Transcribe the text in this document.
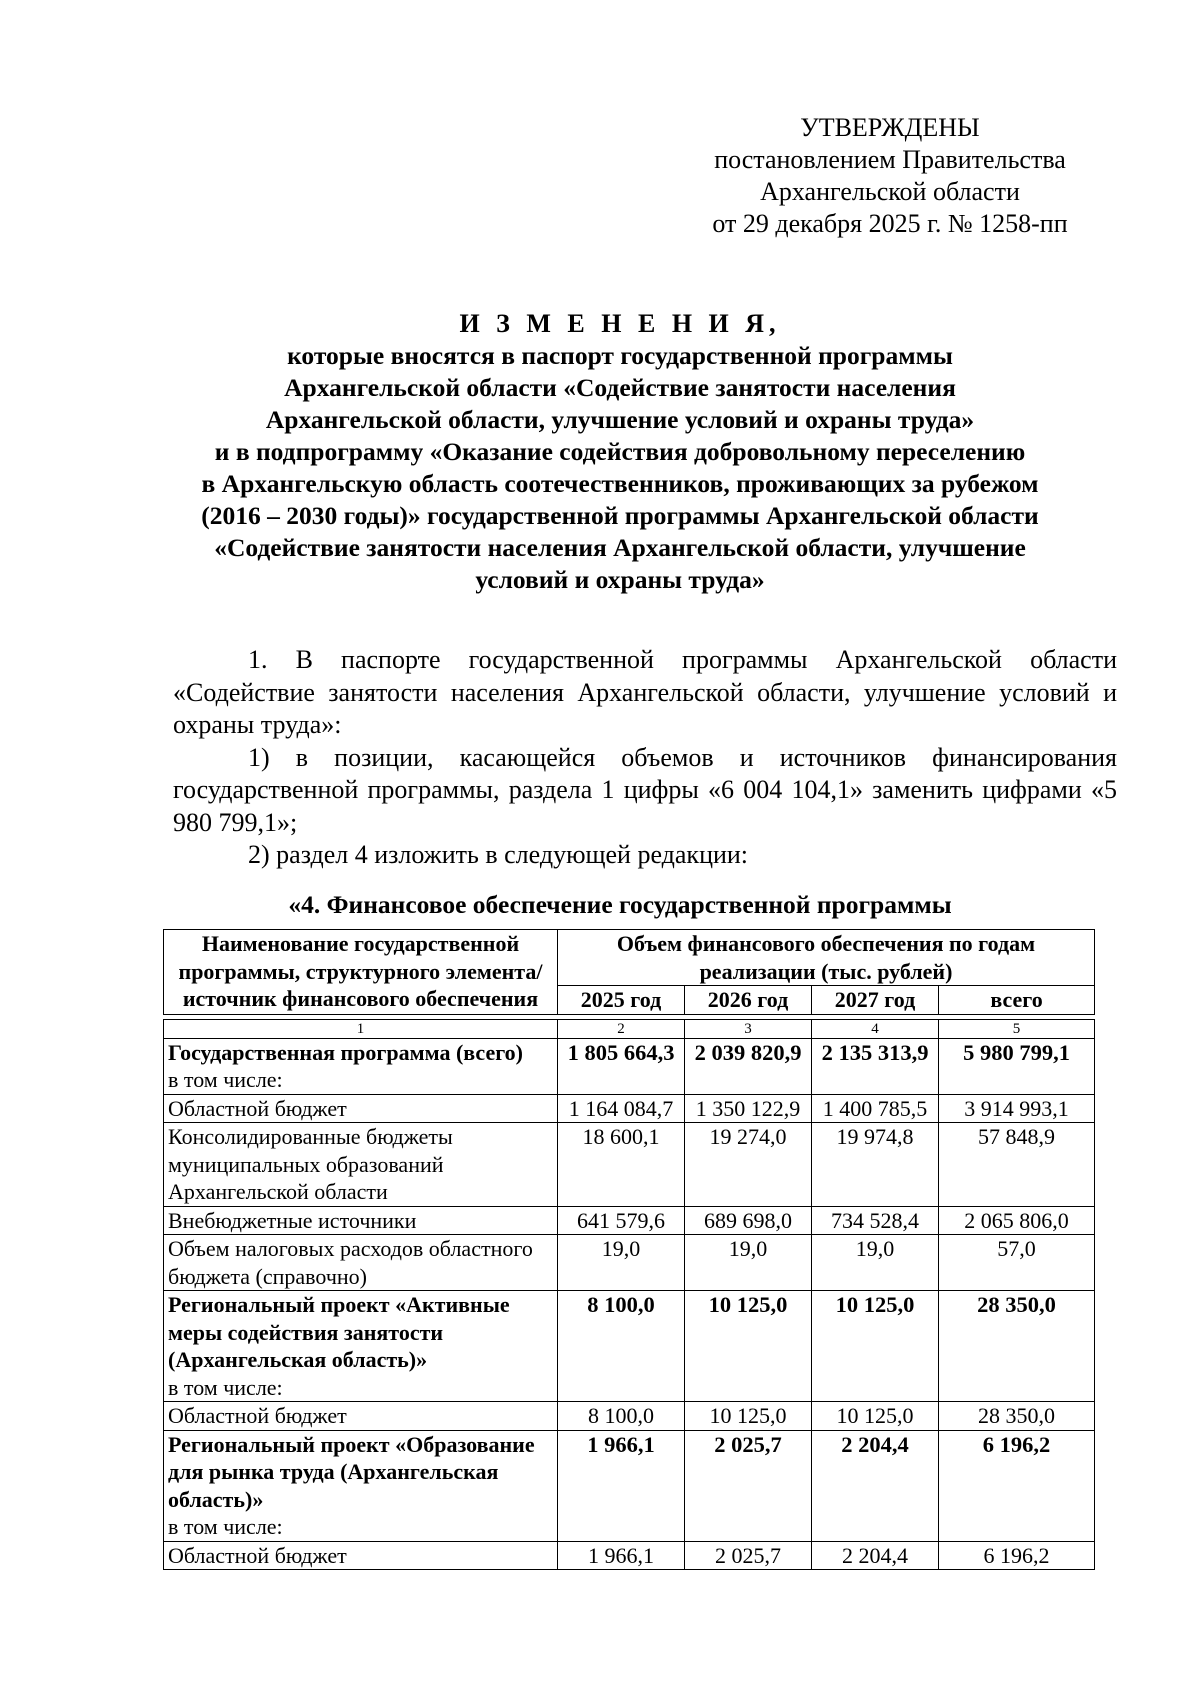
УТВЕРЖДЕНЫ
постановлением Правительства
Архангельской области
от 29 декабря 2025 г. № 1258-пп
И З М Е Н Е Н И Я,
которые вносятся в паспорт государственной программы
Архангельской области «Содействие занятости населения
Архангельской области, улучшение условий и охраны труда»
и в подпрограмму «Оказание содействия добровольному переселению
в Архангельскую область соотечественников, проживающих за рубежом
(2016 – 2030 годы)» государственной программы Архангельской области
«Содействие занятости населения Архангельской области, улучшение
условий и охраны труда»

1. В паспорте государственной программы Архангельской области «Содействие занятости населения Архангельской области, улучшение условий и охраны труда»:

1) в позиции, касающейся объемов и источников финансирования государственной программы, раздела 1 цифры «6 004 104,1» заменить цифрами «5 980 799,1»;

2) раздел 4 изложить в следующей редакции:

«4. Финансовое обеспечение государственной программы
Наименование государственной программы, структурного элемента/ источник финансового обеспечения	Объем финансового обеспечения по годам реализации (тыс. рублей)			
	2025 год	2026 год	2027 год	всего

1	2	3	4	5
Государственная программа (всего)
в том числе:	1 805 664,3	2 039 820,9	2 135 313,9	5 980 799,1
Областной бюджет	1 164 084,7	1 350 122,9	1 400 785,5	3 914 993,1
Консолидированные бюджеты муниципальных образований Архангельской области	18 600,1	19 274,0	19 974,8	57 848,9
Внебюджетные источники	641 579,6	689 698,0	734 528,4	2 065 806,0
Объем налоговых расходов областного бюджета (справочно)	19,0	19,0	19,0	57,0
Региональный проект «Активные меры содействия занятости (Архангельская область)»
в том числе:	8 100,0	10 125,0	10 125,0	28 350,0
Областной бюджет	8 100,0	10 125,0	10 125,0	28 350,0
Региональный проект «Образование для рынка труда (Архангельская область)»
в том числе:	1 966,1	2 025,7	2 204,4	6 196,2
Областной бюджет	1 966,1	2 025,7	2 204,4	6 196,2
